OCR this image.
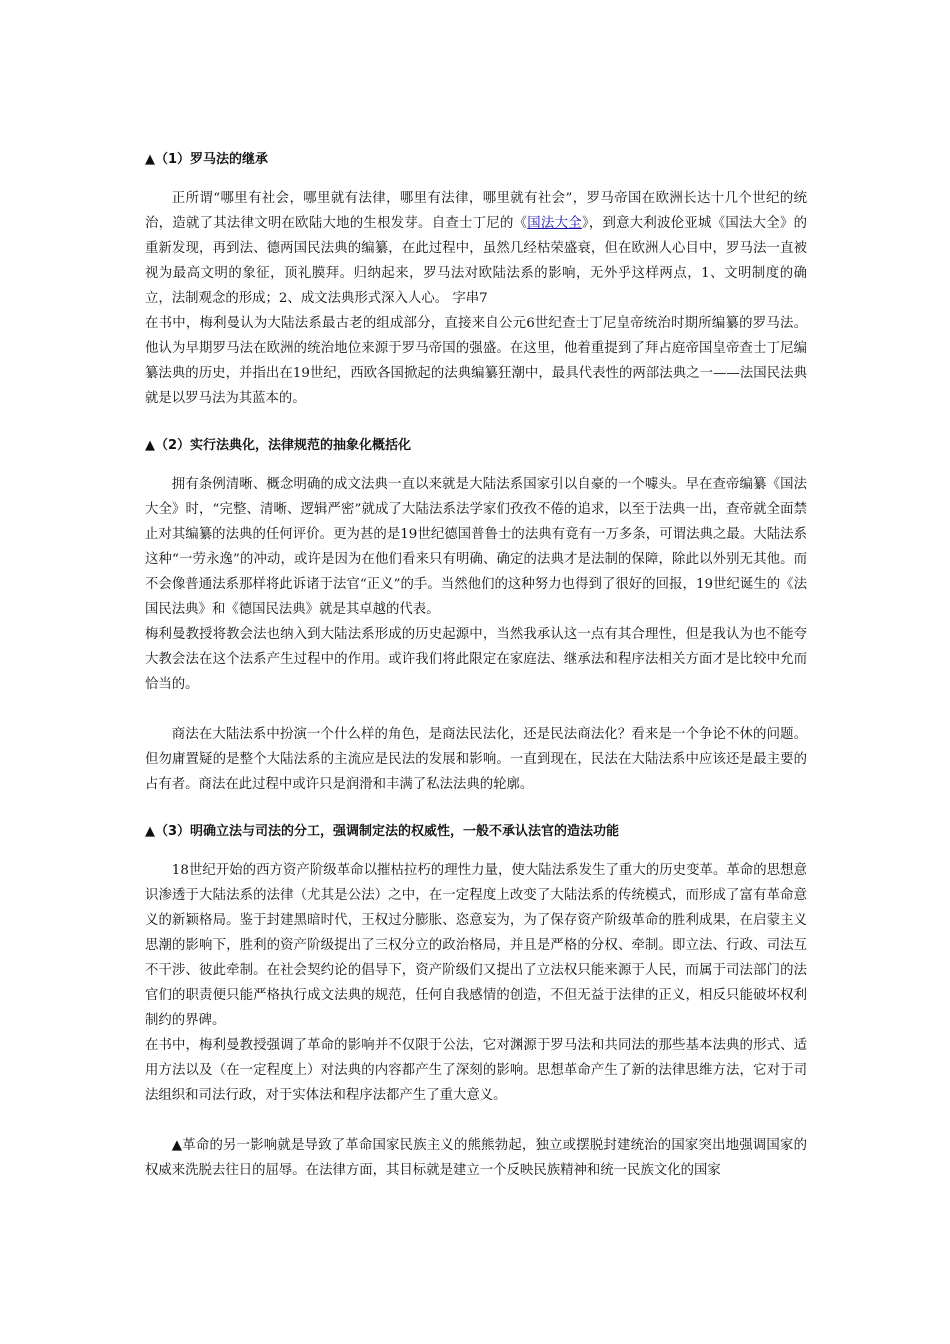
▲（1）罗马法的继承

正所谓“哪里有社会，哪里就有法律，哪里有法律，哪里就有社会”，罗马帝国在欧洲长达十几个世纪的统治，造就了其法律文明在欧陆大地的生根发芽。自查士丁尼的《国法大全》，到意大利波伦亚城《国法大全》的重新发现，再到法、德两国民法典的编纂，在此过程中，虽然几经枯荣盛衰，但在欧洲人心目中，罗马法一直被视为最高文明的象征，顶礼膜拜。归纳起来，罗马法对欧陆法系的影响，无外乎这样两点，1、文明制度的确立，法制观念的形成；2、成文法典形式深入人心。 字串7

在书中，梅利曼认为大陆法系最古老的组成部分，直接来自公元6世纪查士丁尼皇帝统治时期所编纂的罗马法。他认为早期罗马法在欧洲的统治地位来源于罗马帝国的强盛。在这里，他着重提到了拜占庭帝国皇帝查士丁尼编纂法典的历史，并指出在19世纪，西欧各国掀起的法典编纂狂潮中，最具代表性的两部法典之一——法国民法典就是以罗马法为其蓝本的。

▲（2）实行法典化，法律规范的抽象化概括化

拥有条例清晰、概念明确的成文法典一直以来就是大陆法系国家引以自豪的一个噱头。早在查帝编纂《国法大全》时，“完整、清晰、逻辑严密”就成了大陆法系法学家们孜孜不倦的追求，以至于法典一出，查帝就全面禁止对其编纂的法典的任何评价。更为甚的是19世纪德国普鲁士的法典有竟有一万多条，可谓法典之最。大陆法系这种“一劳永逸”的冲动，或许是因为在他们看来只有明确、确定的法典才是法制的保障，除此以外别无其他。而不会像普通法系那样将此诉诸于法官“正义”的手。当然他们的这种努力也得到了很好的回报，19世纪诞生的《法国民法典》和《德国民法典》就是其卓越的代表。

梅利曼教授将教会法也纳入到大陆法系形成的历史起源中，当然我承认这一点有其合理性，但是我认为也不能夸大教会法在这个法系产生过程中的作用。或许我们将此限定在家庭法、继承法和程序法相关方面才是比较中允而恰当的。

商法在大陆法系中扮演一个什么样的角色，是商法民法化，还是民法商法化？看来是一个争论不休的问题。但勿庸置疑的是整个大陆法系的主流应是民法的发展和影响。一直到现在，民法在大陆法系中应该还是最主要的占有者。商法在此过程中或许只是润滑和丰满了私法法典的轮廓。

▲（3）明确立法与司法的分工，强调制定法的权威性，一般不承认法官的造法功能

18世纪开始的西方资产阶级革命以摧枯拉朽的理性力量，使大陆法系发生了重大的历史变革。革命的思想意识渗透于大陆法系的法律（尤其是公法）之中，在一定程度上改变了大陆法系的传统模式，而形成了富有革命意义的新颖格局。鉴于封建黑暗时代，王权过分膨胀、恣意妄为，为了保存资产阶级革命的胜利成果，在启蒙主义思潮的影响下，胜利的资产阶级提出了三权分立的政治格局，并且是严格的分权、牵制。即立法、行政、司法互不干涉、彼此牵制。在社会契约论的倡导下，资产阶级们又提出了立法权只能来源于人民，而属于司法部门的法官们的职责便只能严格执行成文法典的规范，任何自我感情的创造，不但无益于法律的正义，相反只能破坏权利制约的界碑。

在书中，梅利曼教授强调了革命的影响并不仅限于公法，它对渊源于罗马法和共同法的那些基本法典的形式、适用方法以及（在一定程度上）对法典的内容都产生了深刻的影响。思想革命产生了新的法律思维方法，它对于司法组织和司法行政，对于实体法和程序法都产生了重大意义。

▲革命的另一影响就是导致了革命国家民族主义的熊熊勃起，独立或摆脱封建统治的国家突出地强调国家的权威来洗脱去往日的屈辱。在法律方面，其目标就是建立一个反映民族精神和统一民族文化的国家
